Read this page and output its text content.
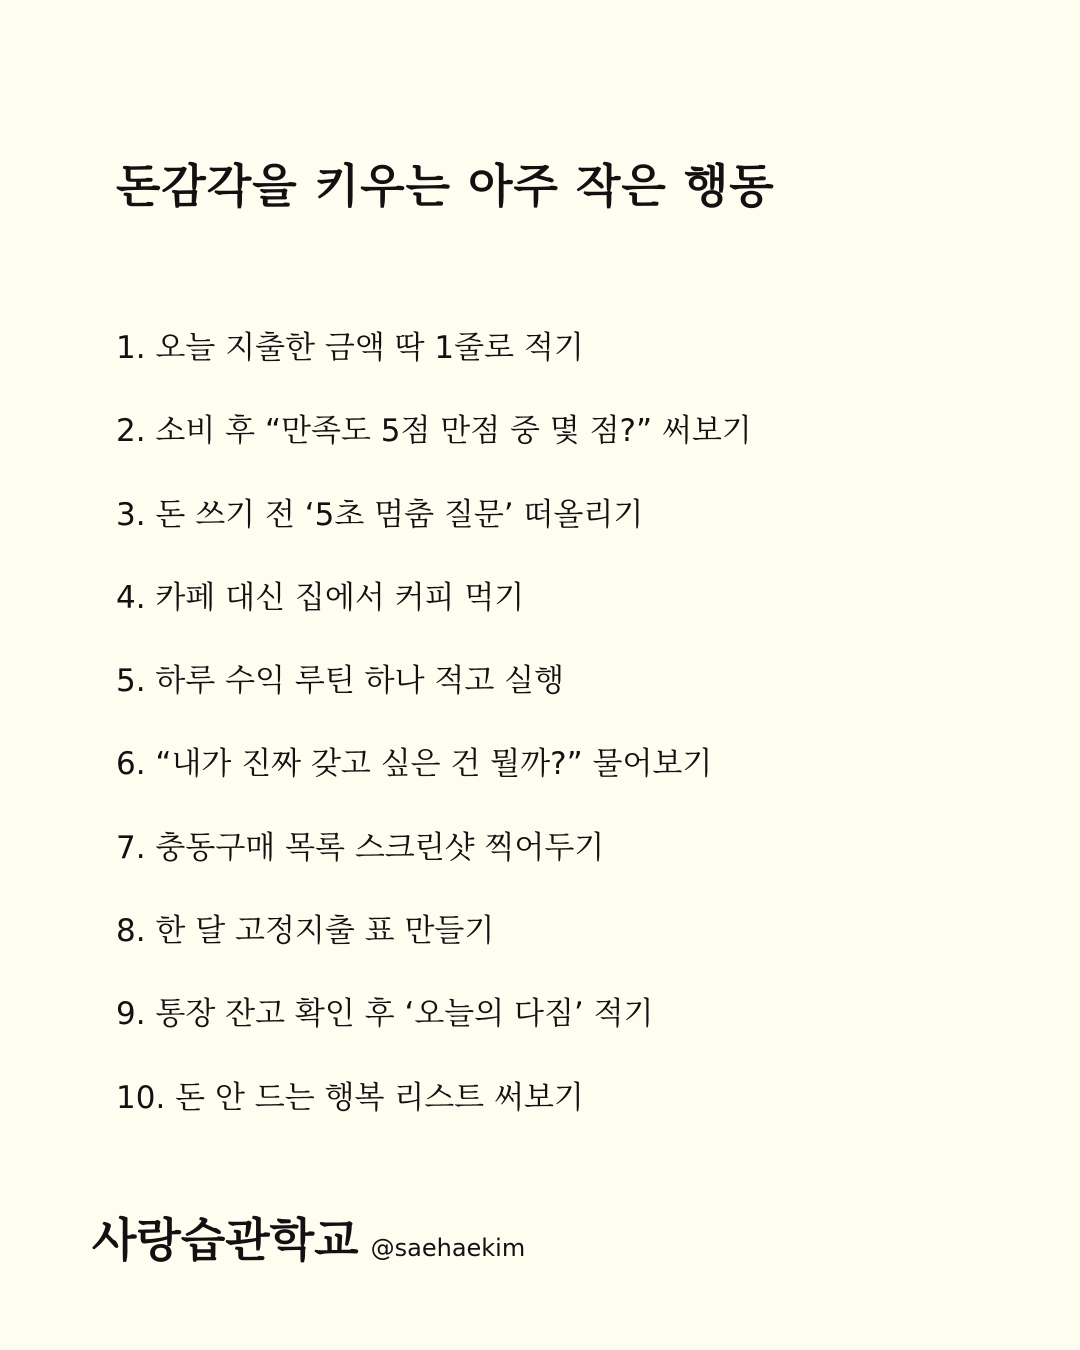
돈감각을 키우는 아주 작은 행동
1. 오늘 지출한 금액 딱 1줄로 적기
2. 소비 후 “만족도 5점 만점 중 몇 점?” 써보기
3. 돈 쓰기 전 ‘5초 멈춤 질문’ 떠올리기
4. 카페 대신 집에서 커피 먹기
5. 하루 수익 루틴 하나 적고 실행
6. “내가 진짜 갖고 싶은 건 뭘까?” 물어보기
7. 충동구매 목록 스크린샷 찍어두기
8. 한 달 고정지출 표 만들기
9. 통장 잔고 확인 후 ‘오늘의 다짐’ 적기
10. 돈 안 드는 행복 리스트 써보기
사랑습관학교 @saehaekim
